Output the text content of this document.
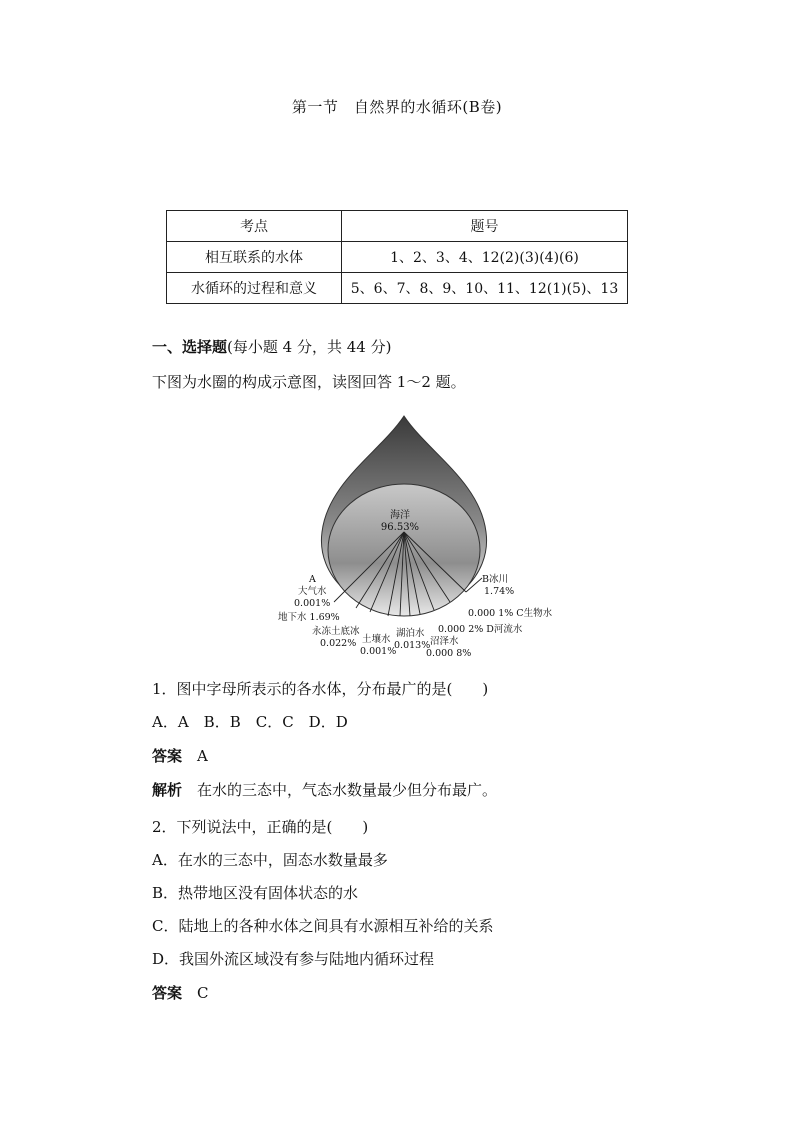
第一节　自然界的水循环(B卷)
考点	题号
相互联系的水体	1、2、3、4、12(2)(3)(4)(6)
水循环的过程和意义	5、6、7、8、9、10、11、12(1)(5)、13
一、选择题(每小题 4 分，共 44 分)
下图为水圈的构成示意图，读图回答 1～2 题。
海洋
96.53%
A
大气水
0.001%
地下水 1.69%
永冻土底冰
0.022% 土壤水
0.001%
湖泊水
0.013% 沼泽水
0.000 8%
0.000 2% D河流水
0.000 1% C生物水
B冰川
1.74%
1．图中字母所表示的各水体，分布最广的是(　　)
A．A　B．B　C．C　D．D
答案　 A
解析　 在水的三态中，气态水数量最少但分布最广。
2．下列说法中，正确的是(　　)
A．在水的三态中，固态水数量最多
B．热带地区没有固体状态的水
C．陆地上的各种水体之间具有水源相互补给的关系
D．我国外流区域没有参与陆地内循环过程
答案　 C
